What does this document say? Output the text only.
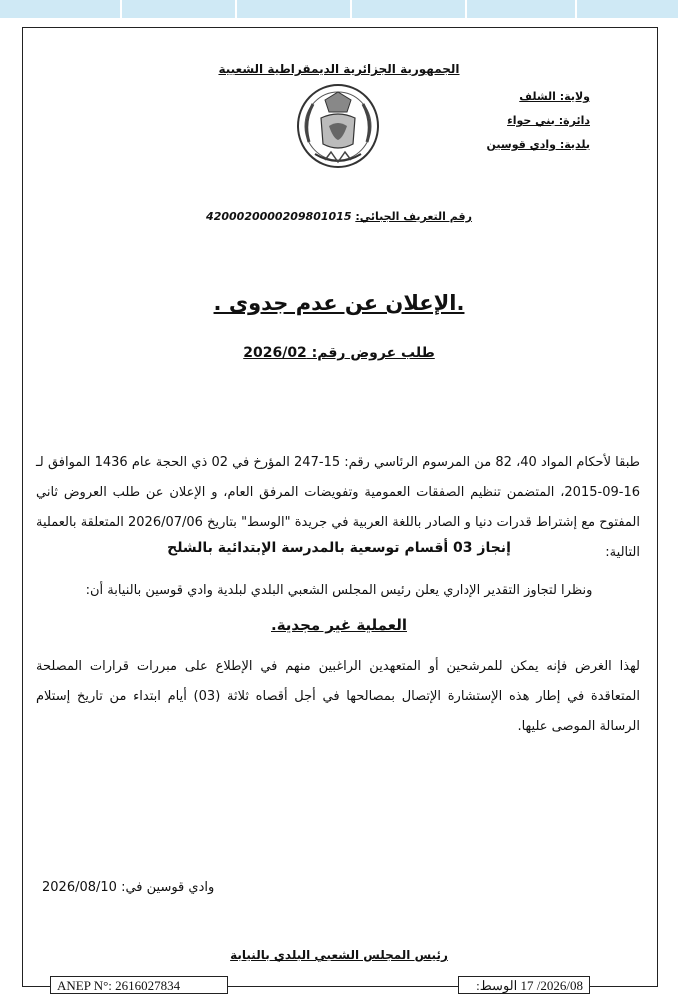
الجمهورية الجزائرية الديمقراطية الشعبية
ولاية: الشلف
دائرة: بني حواء
بلدية: وادي قوسين
رقم التعريف الجبائي: 4200020000209801015
.الإعلان عن عدم جدوى .
طلب عروض رقم: 2026/02
طبقا لأحكام المواد 40، 82 من المرسوم الرئاسي رقم: 15-247 المؤرخ في 02 ذي الحجة عام 1436 الموافق لـ 16-09-2015، المتضمن تنظيم الصفقات العمومية وتفويضات المرفق العام، و الإعلان عن طلب العروض ثاني المفتوح مع إشتراط قدرات دنيا و الصادر باللغة العربية في جريدة "الوسط" بتاريخ 2026/07/06 المتعلقة بالعملية التالية:
إنجاز 03 أقسام توسعية بالمدرسة الإبتدائية بالشلح
ونظرا لتجاوز التقدير الإداري يعلن رئيس المجلس الشعبي البلدي لبلدية وادي قوسين بالنيابة أن:
العملية غير مجدية.
لهذا الغرض فإنه يمكن للمرشحين أو المتعهدين الراغبين منهم في الإطلاع على مبررات قرارات المصلحة المتعاقدة في إطار هذه الإستشارة الإتصال بمصالحها في أجل أقصاه ثلاثة (03) أيام ابتداء من تاريخ إستلام الرسالة الموصى عليها.
وادي قوسين في: 2026/08/10
رئيس المجلس الشعبي البلدي بالنيابة
ANEP N°: 2616027834	2026/08/ 17 الوسط:
